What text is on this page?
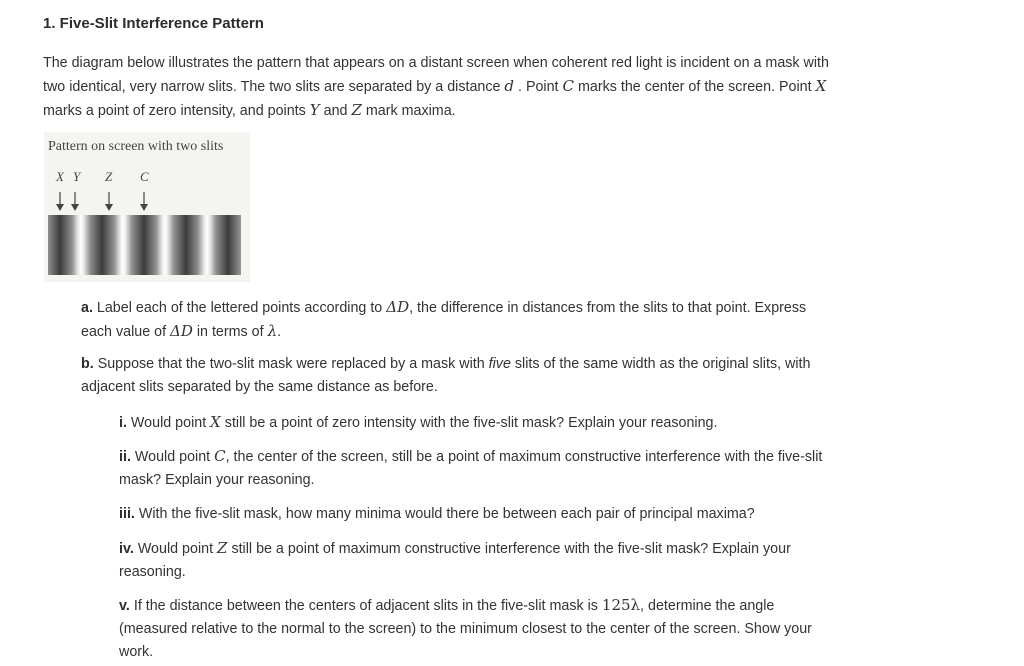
1. Five-Slit Interference Pattern
The diagram below illustrates the pattern that appears on a distant screen when coherent red light is incident on a mask with two identical, very narrow slits. The two slits are separated by a distance d . Point C marks the center of the screen. Point X marks a point of zero intensity, and points Y and Z mark maxima.
Pattern on screen with two slits
X Y Z C
a. Label each of the lettered points according to ΔD, the difference in distances from the slits to that point. Express each value of ΔD in terms of λ.
b. Suppose that the two-slit mask were replaced by a mask with five slits of the same width as the original slits, with adjacent slits separated by the same distance as before.
i. Would point X still be a point of zero intensity with the five-slit mask? Explain your reasoning.
ii. Would point C, the center of the screen, still be a point of maximum constructive interference with the five-slit mask? Explain your reasoning.
iii. With the five-slit mask, how many minima would there be between each pair of principal maxima?
iv. Would point Z still be a point of maximum constructive interference with the five-slit mask? Explain your reasoning.
v. If the distance between the centers of adjacent slits in the five-slit mask is 125λ, determine the angle (measured relative to the normal to the screen) to the minimum closest to the center of the screen. Show your work.
